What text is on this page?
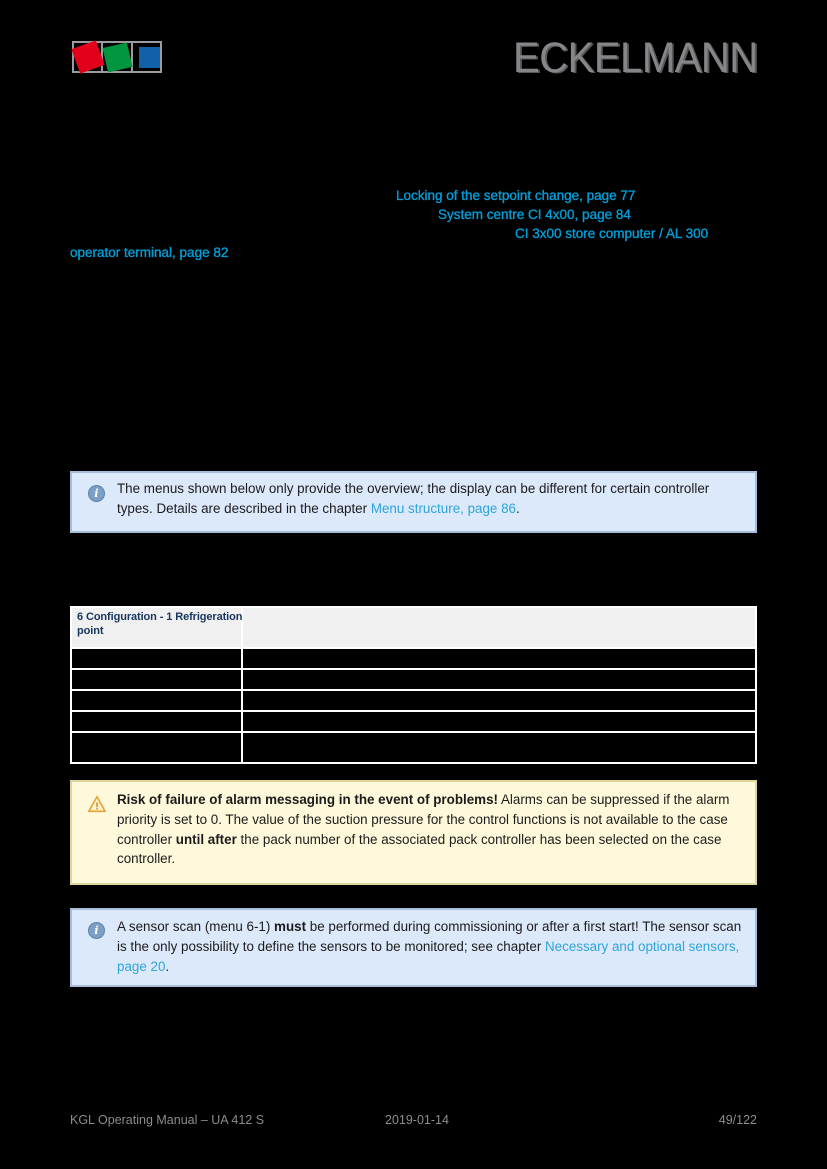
ECKELMANN
Locking of the setpoint change, page 77
System centre CI 4x00, page 84
CI 3x00 store computer / AL 300
operator terminal, page 82
i	The menus shown below only provide the overview; the display can be different for certain controller types. Details are described in the chapter Menu structure, page 86.

6 Configuration - 1 Refrigeration
point	

! Risk of failure of alarm messaging in the event of problems! Alarms can be suppressed if the alarm priority is set to 0. The value of the suction pressure for the control functions is not available to the case controller until after the pack number of the associated pack controller has been selected on the case controller.

i	A sensor scan (menu 6-1) must be performed during commissioning or after a first start! The sensor scan is the only possibility to define the sensors to be monitored; see chapter Necessary and optional sensors, page 20.

49/122
KGL Operating Manual – UA 412 S	2019-01-14
